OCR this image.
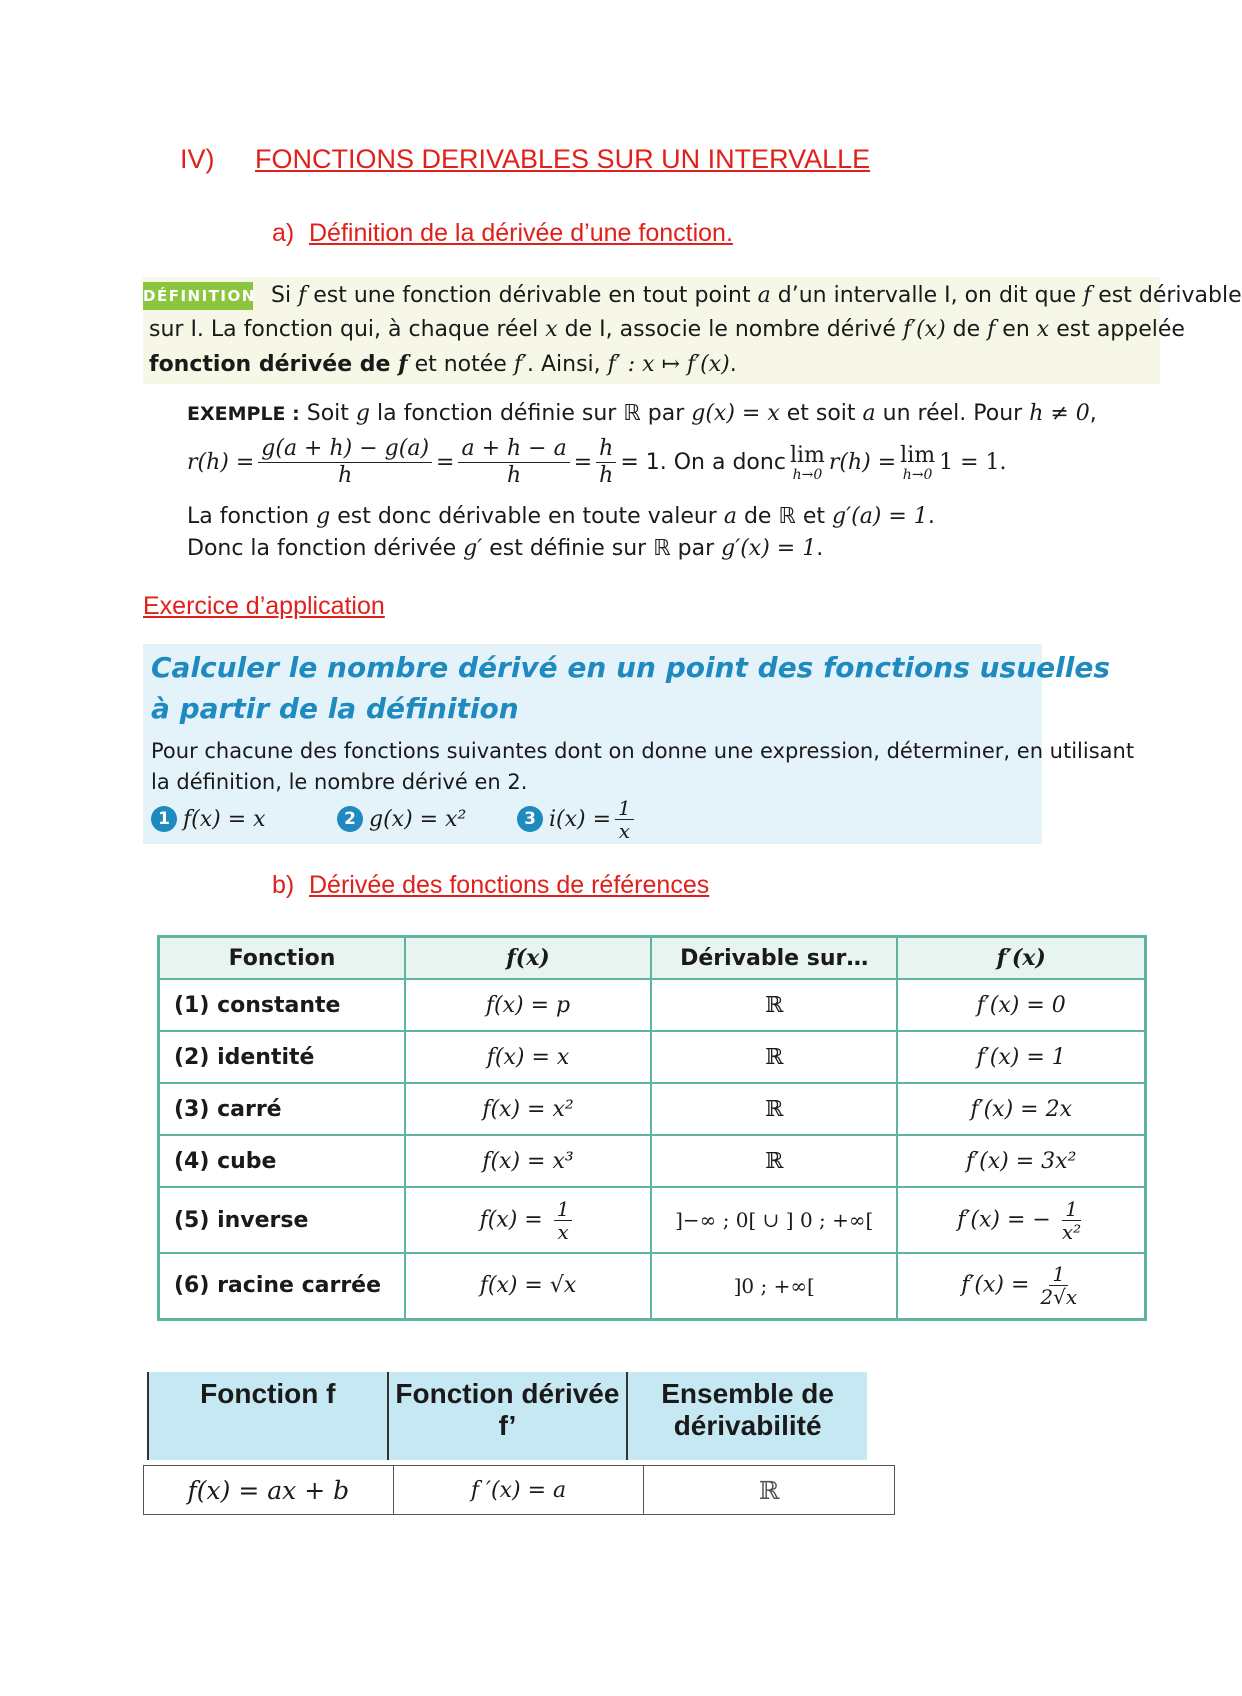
IV) FONCTIONS DERIVABLES SUR UN INTERVALLE
a) Définition de la dérivée d’une fonction.
DÉFINITION Si f est une fonction dérivable en tout point a d’un intervalle I, on dit que f est dérivable
sur I. La fonction qui, à chaque réel x de I, associe le nombre dérivé f′(x) de f en x est appelée
fonction dérivée de f et notée f′. Ainsi, f′ : x ↦ f′(x).
EXEMPLE : Soit g la fonction définie sur ℝ par g(x) = x et soit a un réel. Pour h ≠ 0,
$r(h) = \frac{g(a + h) - g(a)}{h} = \frac{a + h - a}{h} = \frac{h}{h} = 1$. On a donc lim
h→0 r(h) = lim
h→0 1 = 1.
La fonction g est donc dérivable en toute valeur a de ℝ et g′(a) = 1.
Donc la fonction dérivée g′ est définie sur ℝ par g′(x) = 1.
Exercice d’application
Calculer le nombre dérivé en un point des fonctions usuelles
à partir de la définition
Pour chacune des fonctions suivantes dont on donne une expression, déterminer, en utilisant
la définition, le nombre dérivé en 2.
1 f(x) = x	2 g(x) = x²	3 $i(x) = \frac{1}{x}$
b) Dérivée des fonctions de références
Fonction	f(x)	Dérivable sur…	f′(x)
(1) constante	f(x) = p	ℝ	f′(x) = 0
(2) identité	f(x) = x	ℝ	f′(x) = 1
(3) carré	f(x) = x²	ℝ	f′(x) = 2x
(4) cube	f(x) = x³	ℝ	f′(x) = 3x²
(5) inverse	$f(x) = \frac{1}{x}$	]−∞ ; 0[ ∪ ] 0 ; +∞[	f′(x) = − $\frac{1}{\text{x²}}$

(6) racine carrée	f(x) = √x	]0 ; +∞[	$f'(x) = \frac{1}{2√x}$
Fonction f	Fonction dérivée f’	Ensemble de dérivabilité
f(x) = ax + b	f ′(x) = a	ℝ
